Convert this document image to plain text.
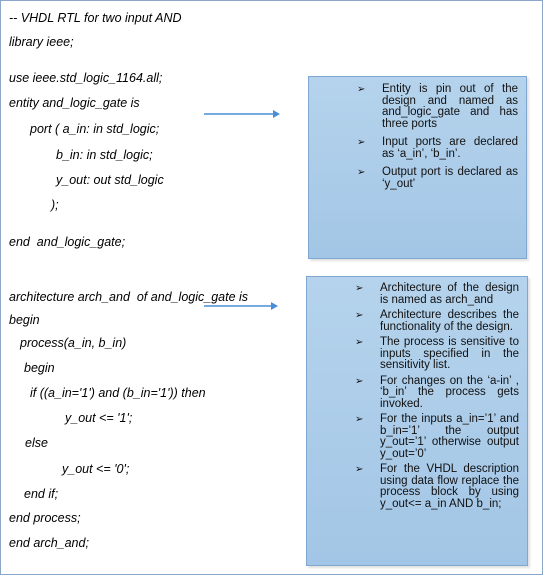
-- VHDL RTL for two input AND
library ieee;
use ieee.std_logic_1164.all;
entity and_logic_gate is
port ( a_in: in std_logic;
b_in: in std_logic;
y_out: out std_logic
);
end  and_logic_gate;
architecture arch_and  of and_logic_gate is
begin
process(a_in, b_in)
begin
if ((a_in='1') and (b_in='1')) then
y_out <= '1';
else
y_out <= '0';
end if;
end process;
end arch_and;
➢ Entity is pin out of the design and named as and_logic_gate and has three ports
➢ Input ports are declared as ‘a_in’, ‘b_in’.
➢ Output port is declared as ‘y_out’
➢ Architecture of the design is named as arch_and
➢ Architecture describes the functionality of the design.
➢ The process is sensitive to inputs specified in the sensitivity list.
➢ For changes on the ‘a-in’ , ‘b_in’ the process gets invoked.
➢ For the inputs a_in=’1’ and b_in=’1’ the output y_out=’1’ otherwise output y_out=’0’
➢ For the VHDL description using data flow replace the process block by using y_out<= a_in AND b_in;
